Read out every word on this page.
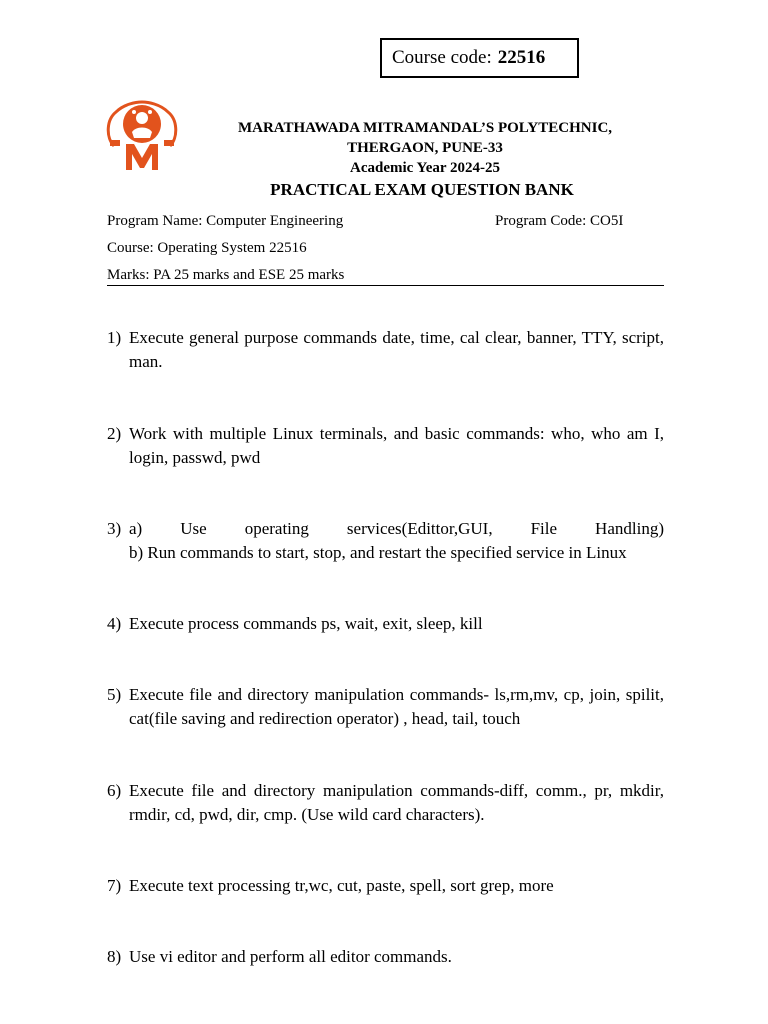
Course code: 22516
MARATHAWADA MITRAMANDAL’S POLYTECHNIC,
THERGAON, PUNE-33
Academic Year 2024-25
PRACTICAL EXAM QUESTION BANK
Program Name: Computer Engineering	Program Code: CO5I
Course: Operating System 22516
Marks: PA 25 marks and ESE 25 marks
1) Execute general purpose commands date, time, cal clear, banner, TTY, script, man.
2) Work with multiple Linux terminals, and basic commands: who, who am I, login, passwd, pwd
3) a) Use operating services(Edittor,GUI, File Handling)
b) Run commands to start, stop, and restart the specified service in Linux
4) Execute process commands ps, wait, exit, sleep, kill
5) Execute file and directory manipulation commands- ls,rm,mv, cp, join, spilit, cat(file saving and redirection operator) , head, tail, touch
6) Execute file and directory manipulation commands-diff, comm., pr, mkdir, rmdir, cd, pwd, dir, cmp. (Use wild card characters).
7) Execute text processing tr,wc, cut, paste, spell, sort grep, more
8) Use vi editor and perform all editor commands.
